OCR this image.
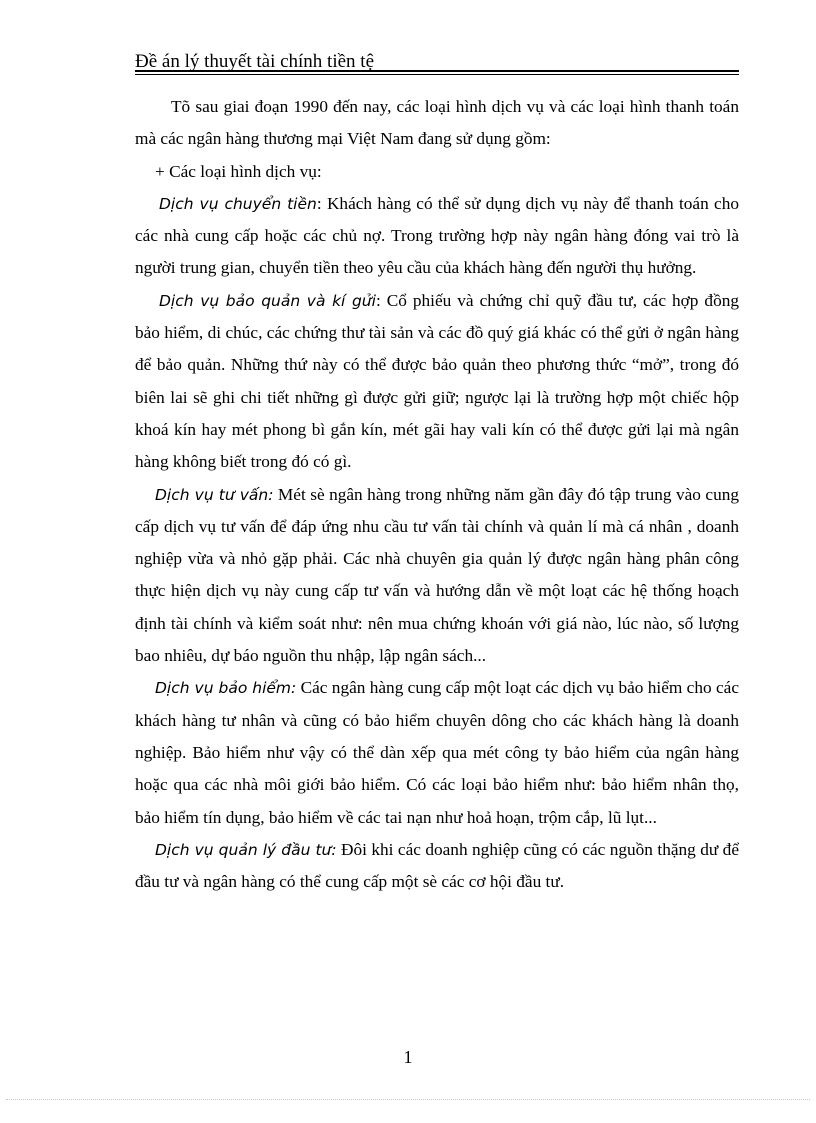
Đề án lý thuyết tài chính tiền tệ

Tõ sau giai đoạn 1990 đến nay, các loại hình dịch vụ và các loại hình thanh toán mà các ngân hàng thương mại Việt Nam đang sử dụng gồm:

+ Các loại hình dịch vụ:

Dịch vụ chuyển tiền: Khách hàng có thể sử dụng dịch vụ này để thanh toán cho các nhà cung cấp hoặc các chủ nợ. Trong trường hợp này ngân hàng đóng vai trò là người trung gian, chuyển tiền theo yêu cầu của khách hàng đến người thụ hưởng.

Dịch vụ bảo quản và kí gửi: Cổ phiếu và chứng chỉ quỹ đầu tư, các hợp đồng bảo hiểm, di chúc, các chứng thư tài sản và các đồ quý giá khác có thể gửi ở ngân hàng để bảo quản. Những thứ này có thể được bảo quản theo phương thức “mở”, trong đó biên lai sẽ ghi chi tiết những gì được gửi giữ; ngược lại là trường hợp một chiếc hộp khoá kín hay mét phong bì gắn kín, mét gãi hay vali kín có thể được gửi lại mà ngân hàng không biết trong đó có gì.

Dịch vụ tư vấn: Mét sè ngân hàng trong những năm gần đây đó tập trung vào cung cấp dịch vụ tư vấn để đáp ứng nhu cầu tư vấn tài chính và quản lí mà cá nhân , doanh nghiệp vừa và nhỏ gặp phải. Các nhà chuyên gia quản lý được ngân hàng phân công thực hiện dịch vụ này cung cấp tư vấn và hướng dẫn về một loạt các hệ thống hoạch định tài chính và kiểm soát như: nên mua chứng khoán với giá nào, lúc nào, số lượng bao nhiêu, dự báo nguồn thu nhập, lập ngân sách...

Dịch vụ bảo hiểm: Các ngân hàng cung cấp một loạt các dịch vụ bảo hiểm cho các khách hàng tư nhân và cũng có bảo hiểm chuyên dông cho các khách hàng là doanh nghiệp. Bảo hiểm như vậy có thể dàn xếp qua mét công ty bảo hiểm của ngân hàng hoặc qua các nhà môi giới bảo hiểm. Có các loại bảo hiểm như: bảo hiểm nhân thọ, bảo hiểm tín dụng, bảo hiểm về các tai nạn như hoả hoạn, trộm cắp, lũ lụt...

Dịch vụ quản lý đầu tư: Đôi khi các doanh nghiệp cũng có các nguồn thặng dư để đầu tư và ngân hàng có thể cung cấp một sè các cơ hội đầu tư.

1
